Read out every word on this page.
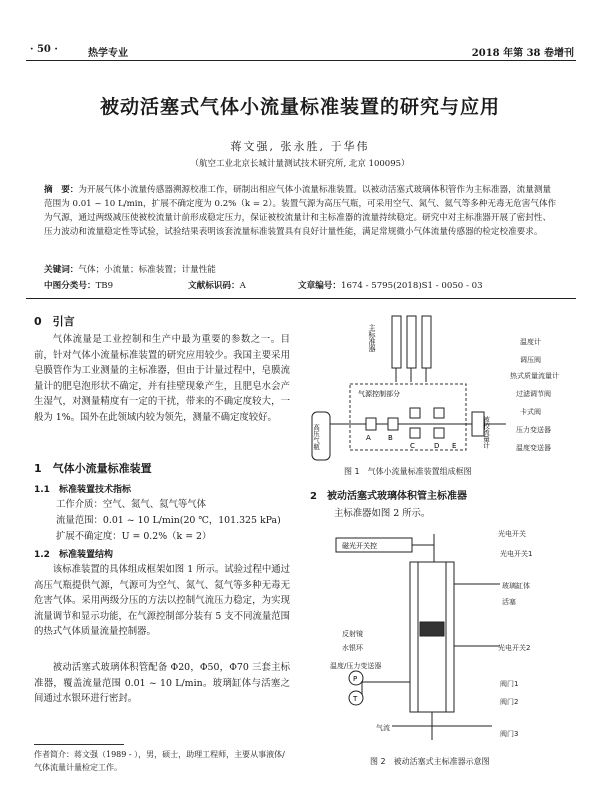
· 50 ·	热学专业	2018 年第 38 卷增刊
被动活塞式气体小流量标准装置的研究与应用
蒋文强, 张永胜, 于华伟
（航空工业北京长城计量测试技术研究所, 北京 100095）
摘　要：为开展气体小流量传感器溯源校准工作，研制出相应气体小流量标准装置。以被动活塞式玻璃体积管作为主标准器，流量测量范围为 0.01 ~ 10 L/min，扩展不确定度为 0.2%（k = 2）。装置气源为高压气瓶，可采用空气、氮气、氦气等多种无毒无危害气体作为气源，通过两级减压使被校流量计前形成稳定压力，保证被校流量计和主标准器的流量持续稳定。研究中对主标准器开展了密封性、压力波动和流量稳定性等试验，试验结果表明该套流量标准装置具有良好计量性能，满足常规微小气体流量传感器的检定校准要求。
关键词：气体；小流量；标准装置；计量性能
中图分类号：TB9	文献标识码：A	文章编号：1674 - 5795(2018)S1 - 0050 - 03
0　引言
气体流量是工业控制和生产中最为重要的参数之一。目前，针对气体小流量标准装置的研究应用较少。我国主要采用皂膜管作为工业测量的主标准器，但由于计量过程中，皂膜流量计的肥皂泡形状不确定，并有挂壁现象产生，且肥皂水会产生湿气，对测量精度有一定的干扰，带来的不确定度较大，一般为 1%。国外在此领域内较为领先，测量不确定度较好。
1　气体小流量标准装置
1.1　标准装置技术指标
工作介质：空气、氮气、氦气等气体
流量范围：0.01 ~ 10 L/min(20 ℃，101.325 kPa)
扩展不确定度：U = 0.2%（k = 2）
1.2　标准装置结构
该标准装置的具体组成框架如图 1 所示。试验过程中通过高压气瓶提供气源，气源可为空气、氮气、氦气等多种无毒无危害气体。采用两级分压的方法以控制气流压力稳定，为实现流量调节和显示功能，在气源控制部分装有 5 支不同流量范围的热式气体质量流量控制器。
被动活塞式玻璃体积管配备 Φ20，Φ50，Φ70 三套主标准器，覆盖流量范围 0.01 ~ 10 L/min。玻璃缸体与活塞之间通过水银环进行密封。
作者简介：蒋文强（1989 - ），男，硕士，助理工程师，主要从事液体/气体流量计量检定工作。
主标准器
气源控制部分
A B
C	D E
高压气瓶	被校流量计
温度计
调压阀
热式质量流量计
过滤调节阀
卡式阀
压力变送器
温度变送器
图 1　气体小流量标准装置组成框图
2　被动活塞式玻璃体积管主标准器
主标准器如图 2 所示。
磁光开关控
P
T
光电开关
光电开关1
玻璃缸体
活塞
光电开关2
反射镜
水银环
温度/压力变送器
阀门1
阀门2
阀门3
气流
图 2　被动活塞式主标准器示意图
